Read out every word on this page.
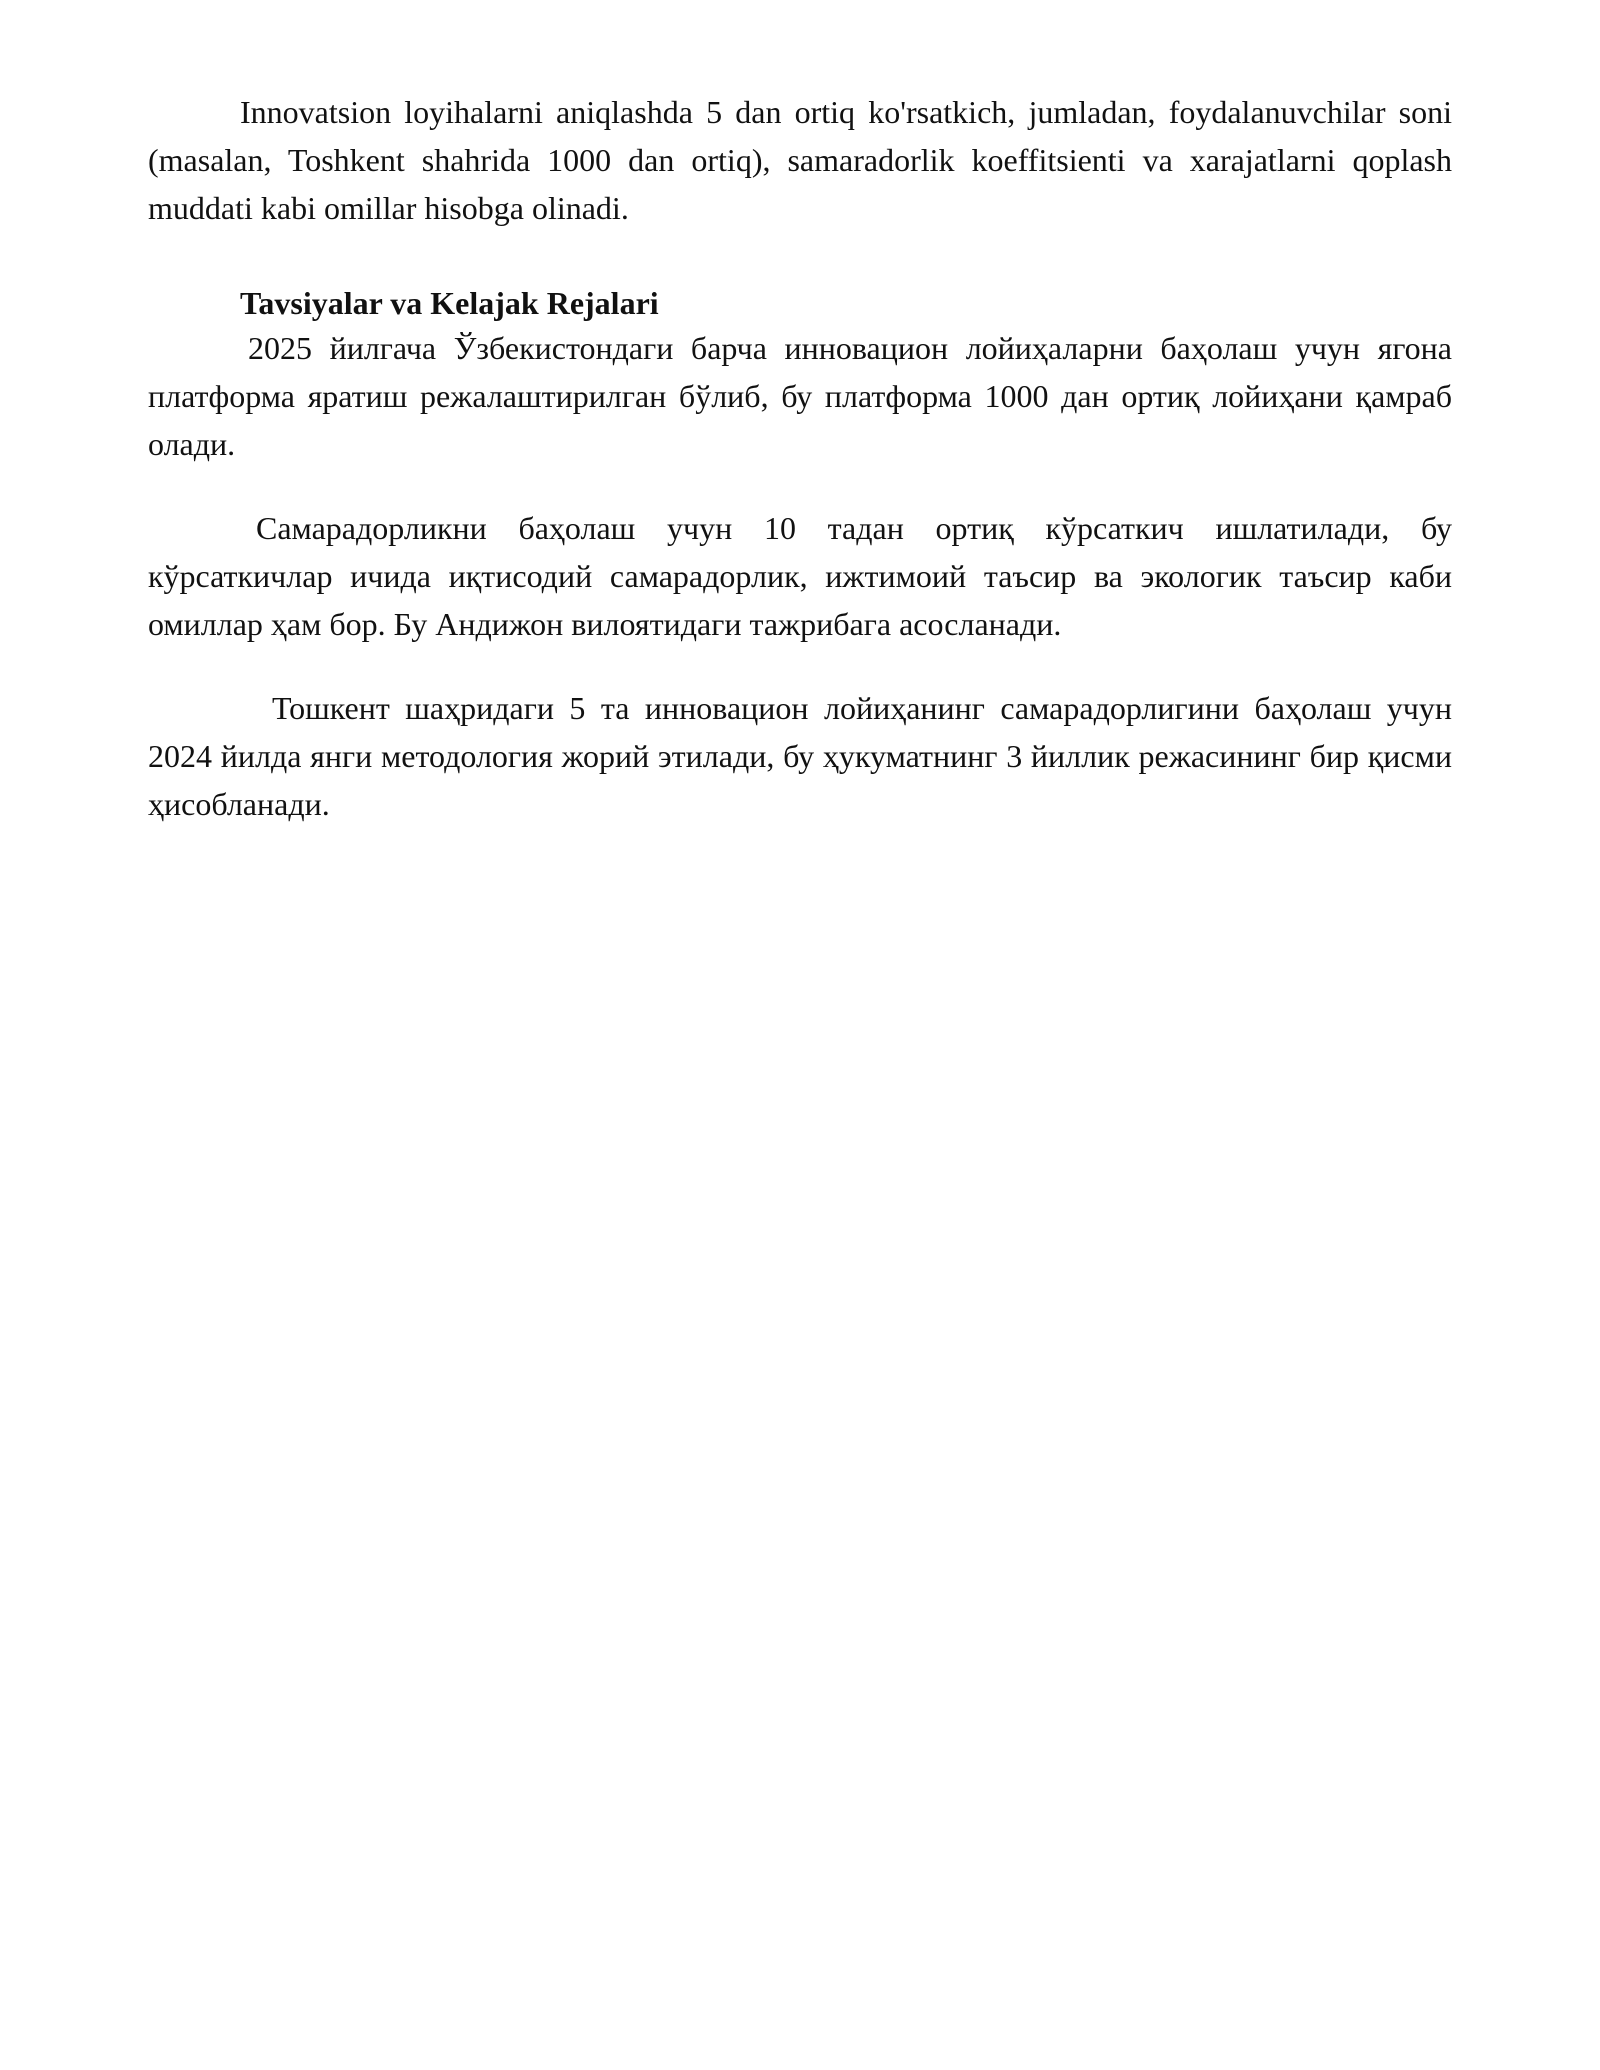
Innovatsion loyihalarni aniqlashda 5 dan ortiq ko'rsatkich, jumladan, foydalanuvchilar soni (masalan, Toshkent shahrida 1000 dan ortiq), samaradorlik koeffitsienti va xarajatlarni qoplash muddati kabi omillar hisobga olinadi.

Tavsiyalar va Kelajak Rejalari

2025 йилгача Ўзбекистондаги барча инновацион лойиҳаларни баҳолаш учун ягона платформа яратиш режалаштирилган бўлиб, бу платформа 1000 дан ортиқ лойиҳани қамраб олади.

Самарадорликни баҳолаш учун 10 тадан ортиқ кўрсаткич ишлатилади, бу кўрсаткичлар ичида иқтисодий самарадорлик, ижтимоий таъсир ва экологик таъсир каби омиллар ҳам бор. Бу Андижон вилоятидаги тажрибага асосланади.

Тошкент шаҳридаги 5 та инновацион лойиҳанинг самарадорлигини баҳолаш учун 2024 йилда янги методология жорий этилади, бу ҳукуматнинг 3 йиллик режасининг бир қисми ҳисобланади.
